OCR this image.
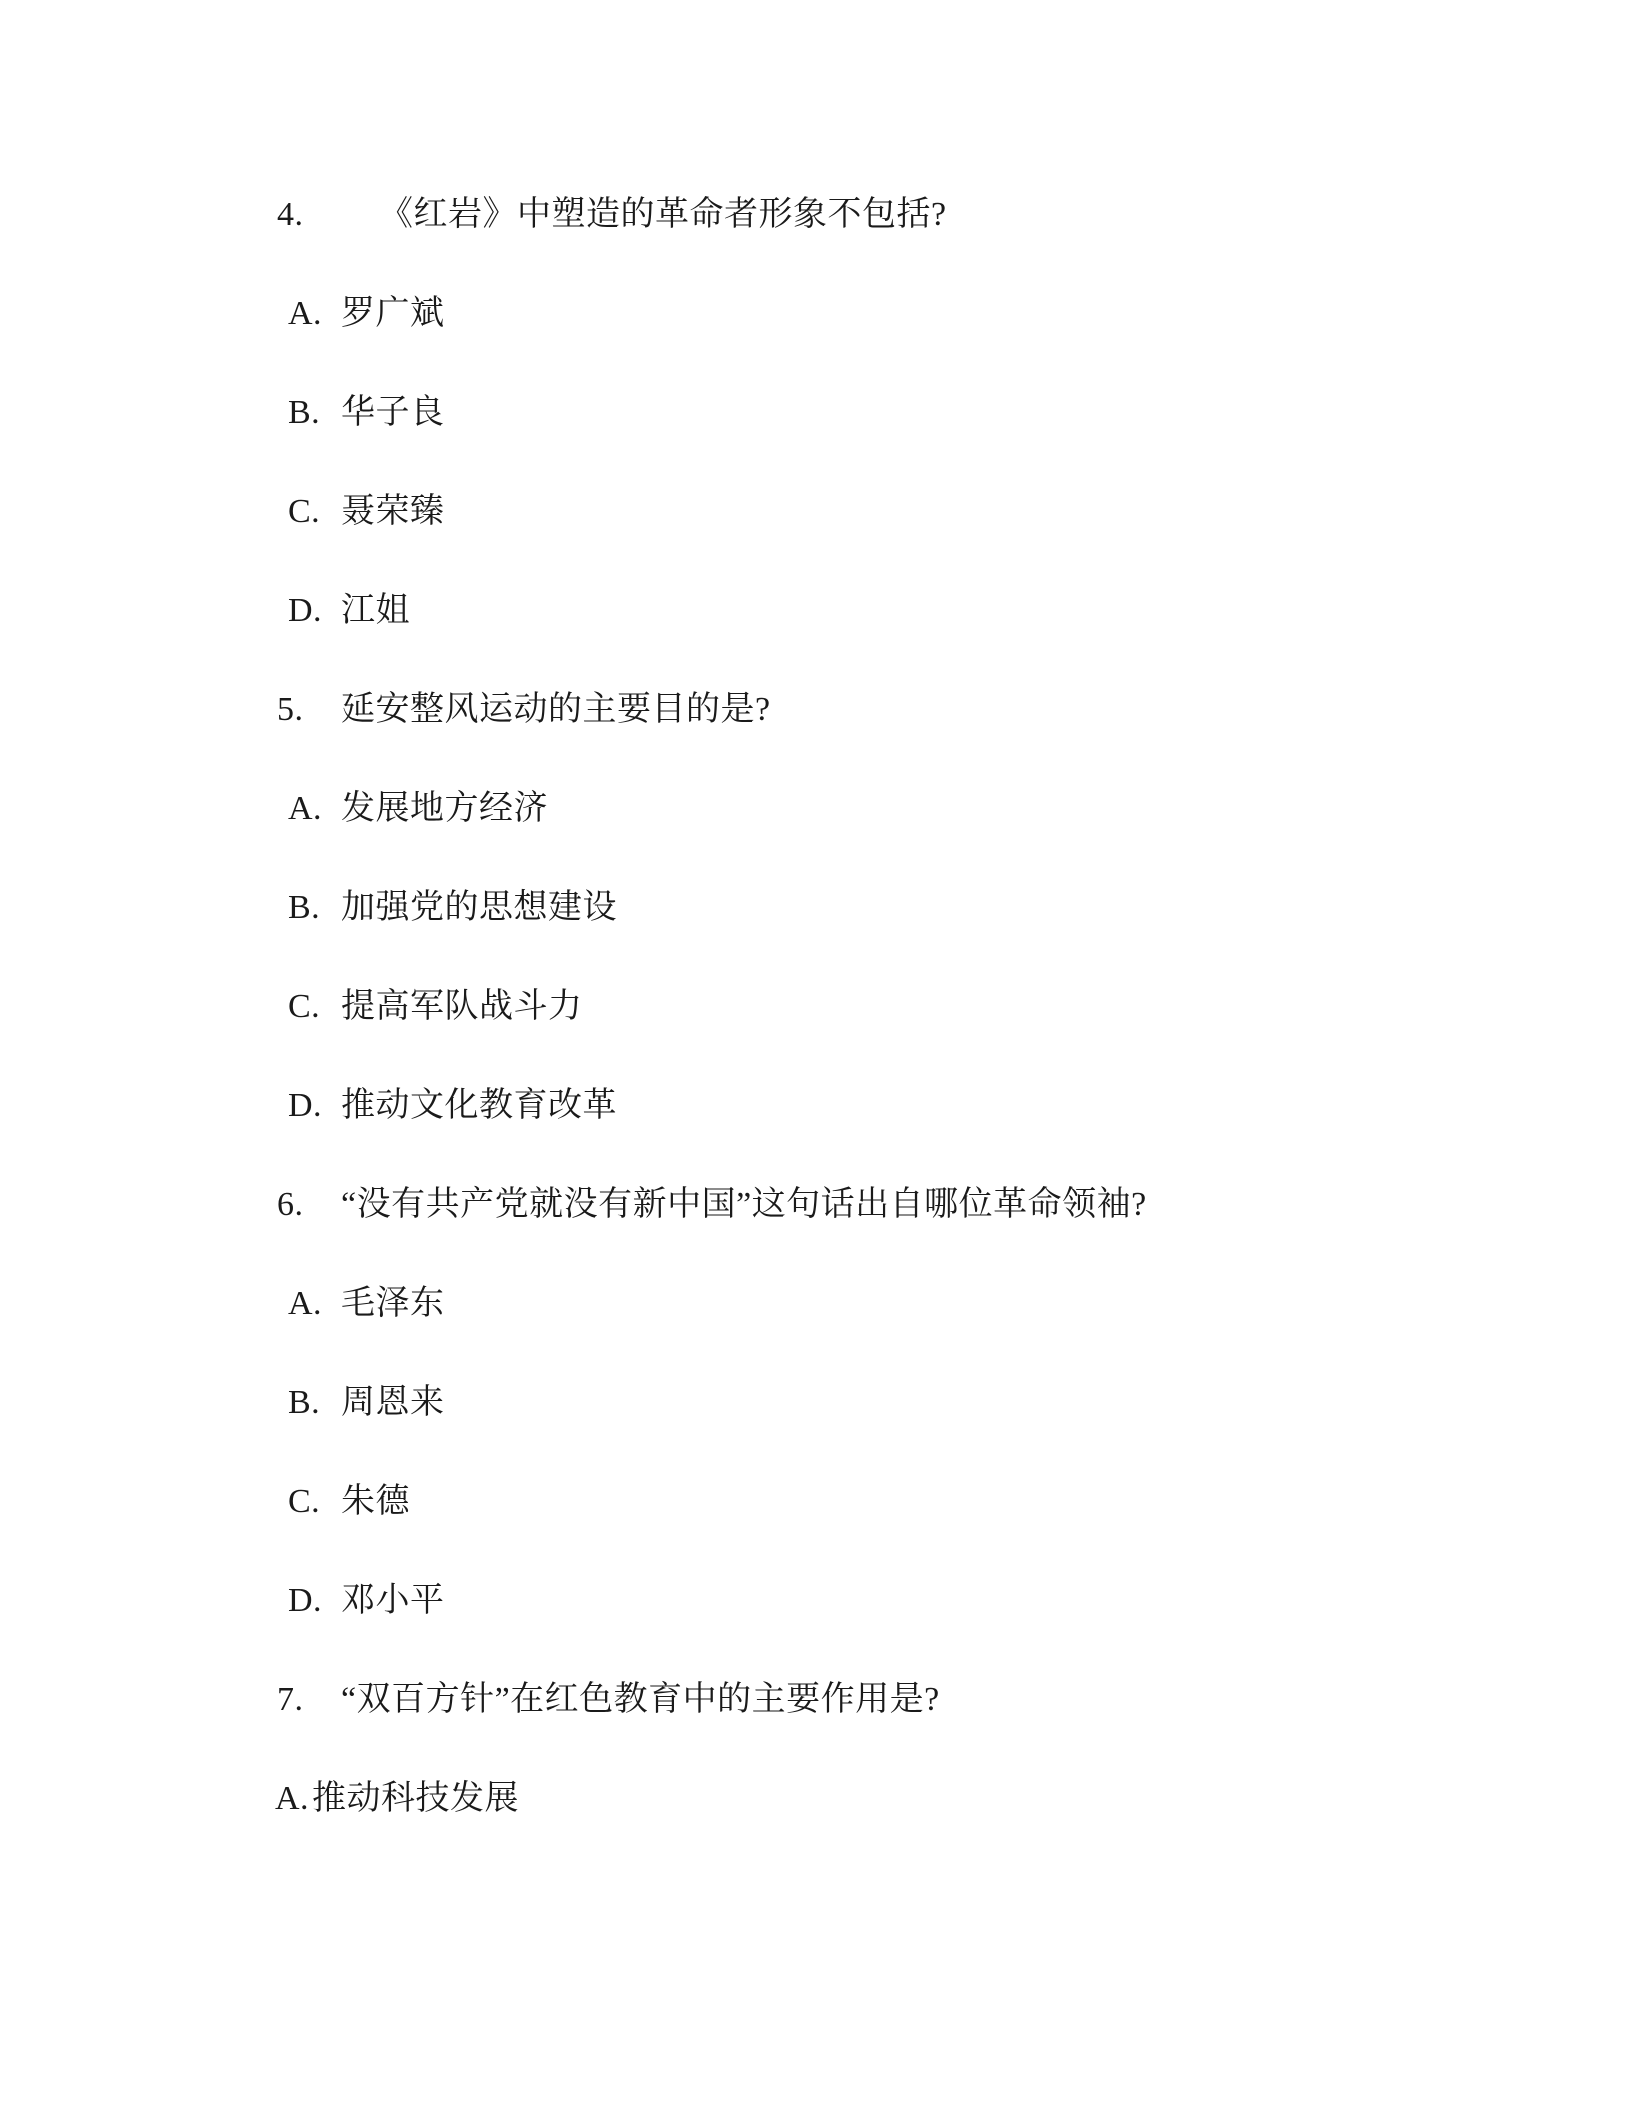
4. 《红岩》中塑造的革命者形象不包括?
A. 罗广斌
B. 华子良
C. 聂荣臻
D. 江姐
5. 延安整风运动的主要目的是?
A. 发展地方经济
B. 加强党的思想建设
C. 提高军队战斗力
D. 推动文化教育改革
6. “没有共产党就没有新中国”这句话出自哪位革命领袖?
A. 毛泽东
B. 周恩来
C. 朱德
D. 邓小平
7. “双百方针”在红色教育中的主要作用是?
A. 推动科技发展
